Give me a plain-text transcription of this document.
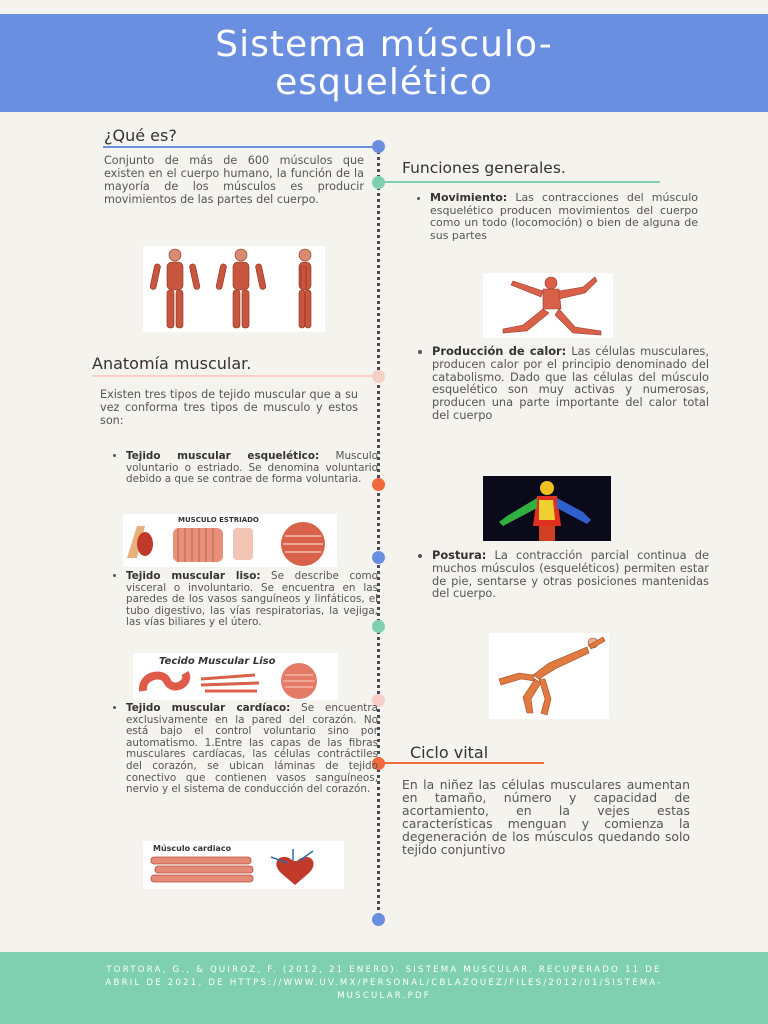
Sistema músculo-
esquelético
¿Qué es?
Conjunto de más de 600 músculos que existen en el cuerpo humano, la función de la mayoría de los músculos es producir movimientos de las partes del cuerpo.
Anatomía muscular.
Existen tres tipos de tejido muscular que a su vez conforma tres tipos de musculo y estos son:
• Tejido muscular esquelético: Musculo voluntario o estriado. Se denomina voluntario debido a que se contrae de forma voluntaria.
MUSCULO ESTRIADO
• Tejido muscular liso: Se describe como visceral o involuntario. Se encuentra en las paredes de los vasos sanguíneos y linfáticos, el tubo digestivo, las vías respiratorias, la vejiga, las vías biliares y el útero.
Tecido Muscular Liso
• Tejido muscular cardíaco: Se encuentra exclusivamente en la pared del corazón. No está bajo el control voluntario sino por automatismo. 1.Entre las capas de las fibras musculares cardíacas, las células contráctiles del corazón, se ubican láminas de tejido conectivo que contienen vasos sanguíneos, nervio y el sistema de conducción del corazón.
Músculo cardiaco
Funciones generales.
• Movimiento: Las contracciones del músculo esquelético producen movimientos del cuerpo como un todo (locomoción) o bien de alguna de sus partes
• Producción de calor: Las células musculares, producen calor por el principio denominado del catabolismo. Dado que las células del músculo esquelético son muy activas y numerosas, producen una parte importante del calor total del cuerpo
• Postura: La contracción parcial continua de muchos músculos (esqueléticos) permiten estar de pie, sentarse y otras posiciones mantenidas del cuerpo.
Ciclo vital
En la niñez las células musculares aumentan en tamaño, número y capacidad de acortamiento, en la vejes estas características menguan y comienza la degeneración de los músculos quedando solo tejido conjuntivo

TORTORA, G., & QUIROZ, F. (2012, 21 ENERO). SISTEMA MUSCULAR. RECUPERADO 11 DE ABRIL DE 2021, DE HTTPS://WWW.UV.MX/PERSONAL/CBLAZQUEZ/FILES/2012/01/SISTEMA-MUSCULAR.PDF
